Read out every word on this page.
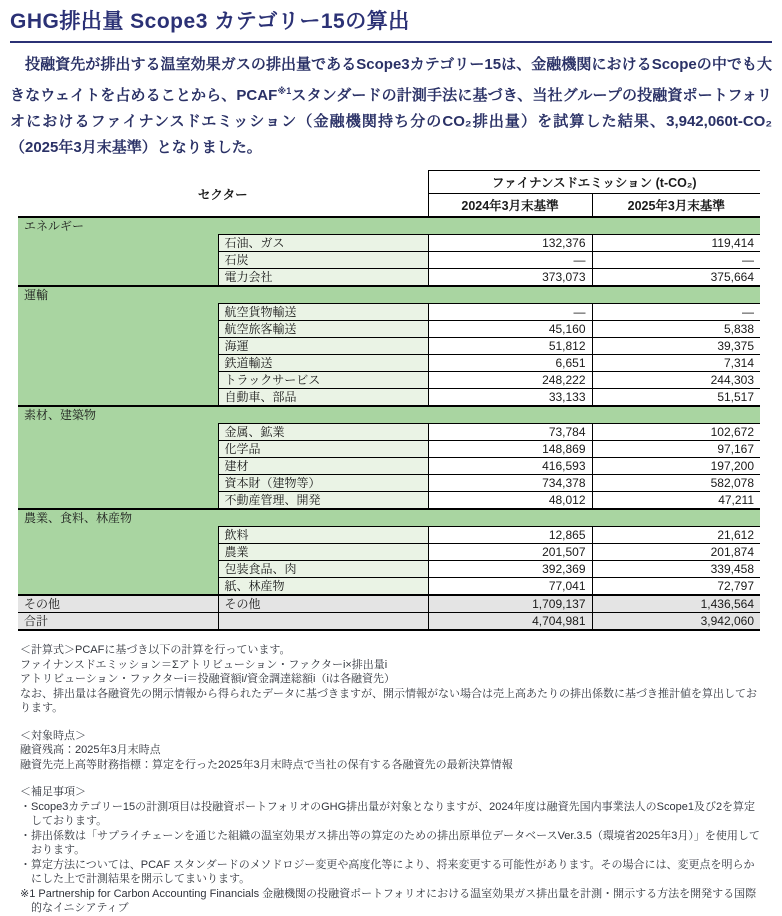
GHG排出量 Scope3 カテゴリー15の算出

　投融資先が排出する温室効果ガスの排出量であるScope3カテゴリー15は、金融機関におけるScopeの中でも大きなウェイトを占めることから、PCAF$^{※1}$スタンダードの計測手法に基づき、当社グループの投融資ポートフォリオにおけるファイナンスドエミッション（金融機関持ち分のCO₂排出量）を試算した結果、3,942,060t-CO₂（2025年3月末基準）となりました。

セクター		ファイナンスドエミッション (t-CO₂)	
		2024年3月末基準	2025年3月末基準
エネルギー			
	石油、ガス	132,376	119,414
	石炭	—	—
	電力会社	373,073	375,664
運輸			
	航空貨物輸送	—	—
	航空旅客輸送	45,160	5,838
	海運	51,812	39,375
	鉄道輸送	6,651	7,314
	トラックサービス	248,222	244,303
	自動車、部品	33,133	51,517
素材、建築物			
	金属、鉱業	73,784	102,672
	化学品	148,869	97,167
	建材	416,593	197,200
	資本財（建物等）	734,378	582,078
	不動産管理、開発	48,012	47,211
農業、食料、林産物			
	飲料	12,865	21,612
	農業	201,507	201,874
	包装食品、肉	392,369	339,458
	紙、林産物	77,041	72,797
その他	その他	1,709,137	1,436,564
合計		4,704,981	3,942,060
＜計算式＞PCAFに基づき以下の計算を行っています。
ファイナンスドエミッション＝Σアトリビューション・ファクターi×排出量i
アトリビューション・ファクターi＝投融資額i/資金調達総額i（iは各融資先）
なお、排出量は各融資先の開示情報から得られたデータに基づきますが、開示情報がない場合は売上高あたりの排出係数に基づき推計値を算出しております。
＜対象時点＞
融資残高：2025年3月末時点
融資先売上高等財務指標：算定を行った2025年3月末時点で当社の保有する各融資先の最新決算情報
＜補足事項＞
・Scope3カテゴリー15の計測項目は投融資ポートフォリオのGHG排出量が対象となりますが、2024年度は融資先国内事業法人のScope1及び2を算定しております。
・排出係数は「サプライチェーンを通じた組織の温室効果ガス排出等の算定のための排出原単位データベースVer.3.5（環境省2025年3月）」を使用しております。
・算定方法については、PCAF スタンダードのメソドロジー変更や高度化等により、将来変更する可能性があります。その場合には、変更点を明らかにした上で計測結果を開示してまいります。
※1 Partnership for Carbon Accounting Financials 金融機関の投融資ポートフォリオにおける温室効果ガス排出量を計測・開示する方法を開発する国際的なイニシアティブ
